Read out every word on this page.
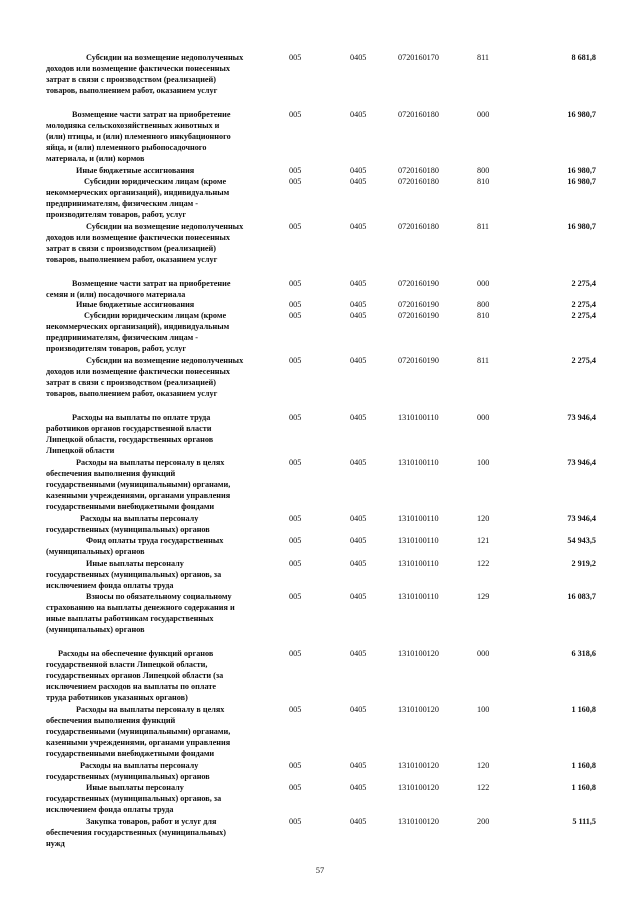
Субсидии на возмещение недополученных
доходов или возмещение фактически понесенных
затрат в связи с производством (реализацией)
товаров, выполнением работ, оказанием услуг
005	0405	0720160170	811	8 681,8
Возмещение части затрат на приобретение
молодняка сельскохозяйственных животных и
(или) птицы, и (или) племенного инкубационного
яйца, и (или) племенного рыбопосадочного
материала, и (или) кормов
005	0405	0720160180	000	16 980,7
Иные бюджетные ассигнования	005	0405	0720160180	800	16 980,7
Субсидии юридическим лицам (кроме
некоммерческих организаций), индивидуальным
предпринимателям, физическим лицам -
производителям товаров, работ, услуг
005	0405	0720160180	810	16 980,7
Субсидии на возмещение недополученных
доходов или возмещение фактически понесенных
затрат в связи с производством (реализацией)
товаров, выполнением работ, оказанием услуг
005	0405	0720160180	811	16 980,7
Возмещение части затрат на приобретение
семян и (или) посадочного материала
005	0405	0720160190	000	2 275,4
Иные бюджетные ассигнования	005	0405	0720160190	800	2 275,4
Субсидии юридическим лицам (кроме
некоммерческих организаций), индивидуальным
предпринимателям, физическим лицам -
производителям товаров, работ, услуг
005	0405	0720160190	810	2 275,4
Субсидии на возмещение недополученных
доходов или возмещение фактически понесенных
затрат в связи с производством (реализацией)
товаров, выполнением работ, оказанием услуг
005	0405	0720160190	811	2 275,4
Расходы на выплаты по оплате труда
работников органов государственной власти
Липецкой области, государственных органов
Липецкой области
005	0405	1310100110	000	73 946,4
Расходы на выплаты персоналу в целях
обеспечения выполнения функций
государственными (муниципальными) органами,
казенными учреждениями, органами управления
государственными внебюджетными фондами
005	0405	1310100110	100	73 946,4
Расходы на выплаты персоналу
государственных (муниципальных) органов
005	0405	1310100110	120	73 946,4
Фонд оплаты труда государственных
(муниципальных) органов
005	0405	1310100110	121	54 943,5
Иные выплаты персоналу
государственных (муниципальных) органов, за
исключением фонда оплаты труда
005	0405	1310100110	122	2 919,2
Взносы по обязательному социальному
страхованию на выплаты денежного содержания и
иные выплаты работникам государственных
(муниципальных) органов
005	0405	1310100110	129	16 083,7
Расходы на обеспечение функций органов
государственной власти Липецкой области,
государственных органов Липецкой области (за
исключением расходов на выплаты по оплате
труда работников указанных органов)
005	0405	1310100120	000	6 318,6
Расходы на выплаты персоналу в целях
обеспечения выполнения функций
государственными (муниципальными) органами,
казенными учреждениями, органами управления
государственными внебюджетными фондами
005	0405	1310100120	100	1 160,8
Расходы на выплаты персоналу
государственных (муниципальных) органов
005	0405	1310100120	120	1 160,8
Иные выплаты персоналу
государственных (муниципальных) органов, за
исключением фонда оплаты труда
005	0405	1310100120	122	1 160,8
Закупка товаров, работ и услуг для
обеспечения государственных (муниципальных)
нужд
005	0405	1310100120	200	5 111,5
57
